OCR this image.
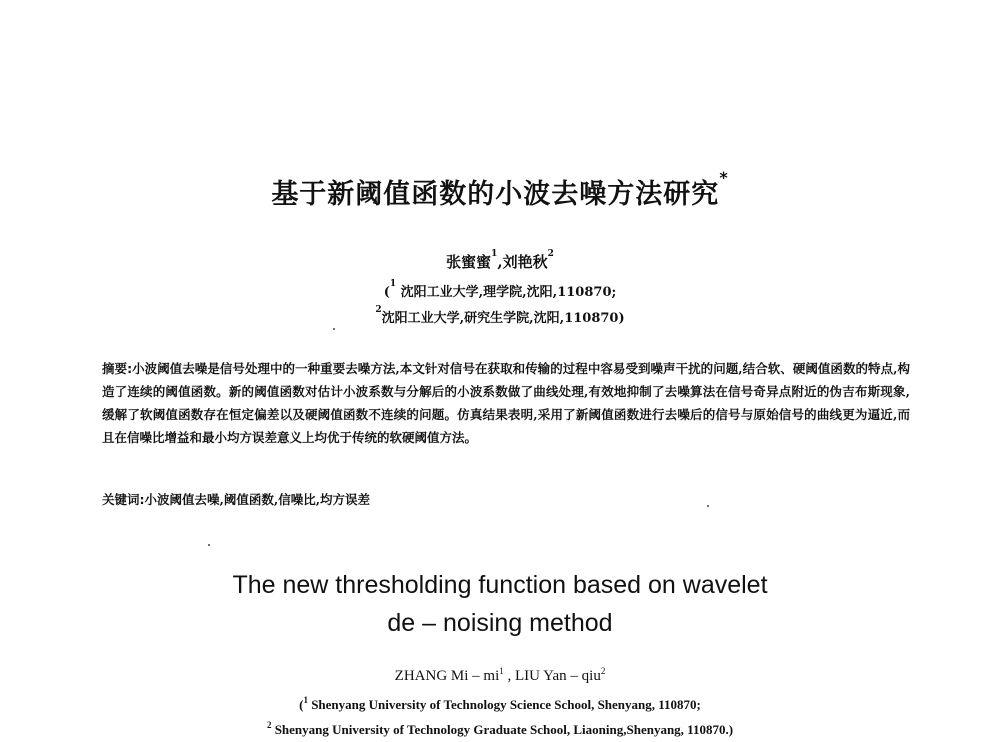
基于新阈值函数的小波去噪方法研究*
张蜜蜜$^1$,刘艳秋$^2$
($^1$ 沈阳工业大学,理学院,沈阳,110870;
$^2$沈阳工业大学,研究生学院,沈阳,110870)
摘要:小波阈值去噪是信号处理中的一种重要去噪方法,本文针对信号在获取和传输的过程中容易受到噪声干扰的问题,结合软、硬阈值函数的特点,构造了连续的阈值函数。新的阈值函数对估计小波系数与分解后的小波系数做了曲线处理,有效地抑制了去噪算法在信号奇异点附近的伪吉布斯现象,缓解了软阈值函数存在恒定偏差以及硬阈值函数不连续的问题。仿真结果表明,采用了新阈值函数进行去噪后的信号与原始信号的曲线更为逼近,而且在信噪比增益和最小均方误差意义上均优于传统的软硬阈值方法。
关键词:小波阈值去噪,阈值函数,信噪比,均方误差
The new thresholding function based on wavelet
de – noising method
ZHANG Mi – $mi^1$ , LIU Yan – qiu$^2$
($^1$ Shenyang University of Technology Science School, Shenyang, 110870;
$^2$ Shenyang University of Technology Graduate School, Liaoning,Shenyang, 110870.)
